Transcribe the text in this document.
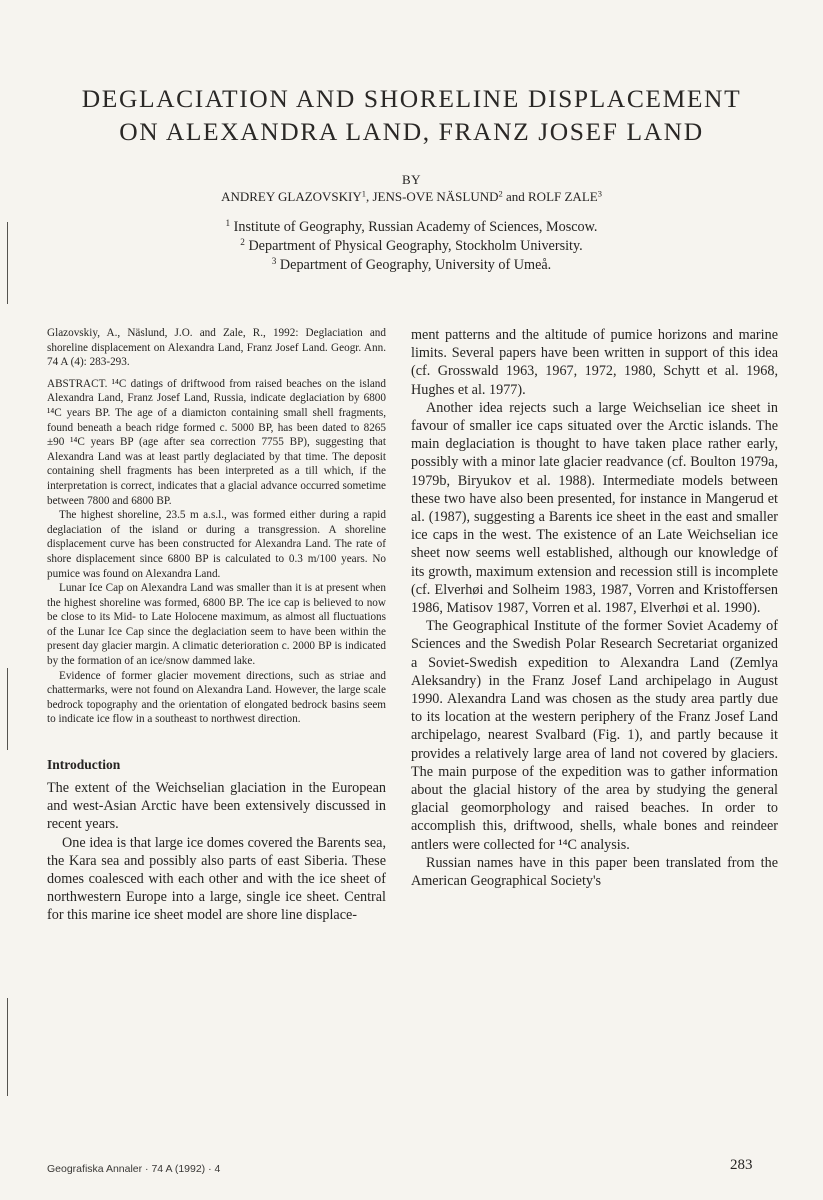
DEGLACIATION AND SHORELINE DISPLACEMENT
ON ALEXANDRA LAND, FRANZ JOSEF LAND
BY
ANDREY GLAZOVSKIY$^1$, JENS-OVE NÄSLUND$^2$ and ROLF ZALE$^3$
$^1$ Institute of Geography, Russian Academy of Sciences, Moscow.
$^2$ Department of Physical Geography, Stockholm University.
$^3$ Department of Geography, University of Umeå.

Glazovskiy, A., Näslund, J.O. and Zale, R., 1992: Deglaciation and shoreline displacement on Alexandra Land, Franz Josef Land. Geogr. Ann. 74 A (4): 283-293.

ABSTRACT. ¹⁴C datings of driftwood from raised beaches on the island Alexandra Land, Franz Josef Land, Russia, indicate deglaciation by 6800 ¹⁴C years BP. The age of a diamicton containing small shell fragments, found beneath a beach ridge formed c. 5000 BP, has been dated to 8265 ±90 ¹⁴C years BP (age after sea correction 7755 BP), suggesting that Alexandra Land was at least partly deglaciated by that time. The deposit containing shell fragments has been interpreted as a till which, if the interpretation is correct, indicates that a glacial advance occurred sometime between 7800 and 6800 BP.

The highest shoreline, 23.5 m a.s.l., was formed either during a rapid deglaciation of the island or during a transgression. A shoreline displacement curve has been constructed for Alexandra Land. The rate of shore displacement since 6800 BP is calculated to 0.3 m/100 years. No pumice was found on Alexandra Land.

Lunar Ice Cap on Alexandra Land was smaller than it is at present when the highest shoreline was formed, 6800 BP. The ice cap is believed to now be close to its Mid- to Late Holocene maximum, as almost all fluctuations of the Lunar Ice Cap since the deglaciation seem to have been within the present day glacier margin. A climatic deterioration c. 2000 BP is indicated by the formation of an ice/snow dammed lake.

Evidence of former glacier movement directions, such as striae and chattermarks, were not found on Alexandra Land. However, the large scale bedrock topography and the orientation of elongated bedrock basins seem to indicate ice flow in a southeast to northwest direction.

Introduction

The extent of the Weichselian glaciation in the European and west-Asian Arctic have been extensively discussed in recent years.

One idea is that large ice domes covered the Barents sea, the Kara sea and possibly also parts of east Siberia. These domes coalesced with each other and with the ice sheet of northwestern Europe into a large, single ice sheet. Central for this marine ice sheet model are shore line displace-

ment patterns and the altitude of pumice horizons and marine limits. Several papers have been written in support of this idea (cf. Grosswald 1963, 1967, 1972, 1980, Schytt et al. 1968, Hughes et al. 1977).

Another idea rejects such a large Weichselian ice sheet in favour of smaller ice caps situated over the Arctic islands. The main deglaciation is thought to have taken place rather early, possibly with a minor late glacier readvance (cf. Boulton 1979a, 1979b, Biryukov et al. 1988). Intermediate models between these two have also been presented, for instance in Mangerud et al. (1987), suggesting a Barents ice sheet in the east and smaller ice caps in the west. The existence of an Late Weichselian ice sheet now seems well established, although our knowledge of its growth, maximum extension and recession still is incomplete (cf. Elverhøi and Solheim 1983, 1987, Vorren and Kristoffersen 1986, Matisov 1987, Vorren et al. 1987, Elverhøi et al. 1990).

The Geographical Institute of the former Soviet Academy of Sciences and the Swedish Polar Research Secretariat organized a Soviet-Swedish expedition to Alexandra Land (Zemlya Aleksandry) in the Franz Josef Land archipelago in August 1990. Alexandra Land was chosen as the study area partly due to its location at the western periphery of the Franz Josef Land archipelago, nearest Svalbard (Fig. 1), and partly because it provides a relatively large area of land not covered by glaciers. The main purpose of the expedition was to gather information about the glacial history of the area by studying the general glacial geomorphology and raised beaches. In order to accomplish this, driftwood, shells, whale bones and reindeer antlers were collected for ¹⁴C analysis.

Russian names have in this paper been translated from the American Geographical Society's

Geografiska Annaler · 74 A (1992) · 4	283
